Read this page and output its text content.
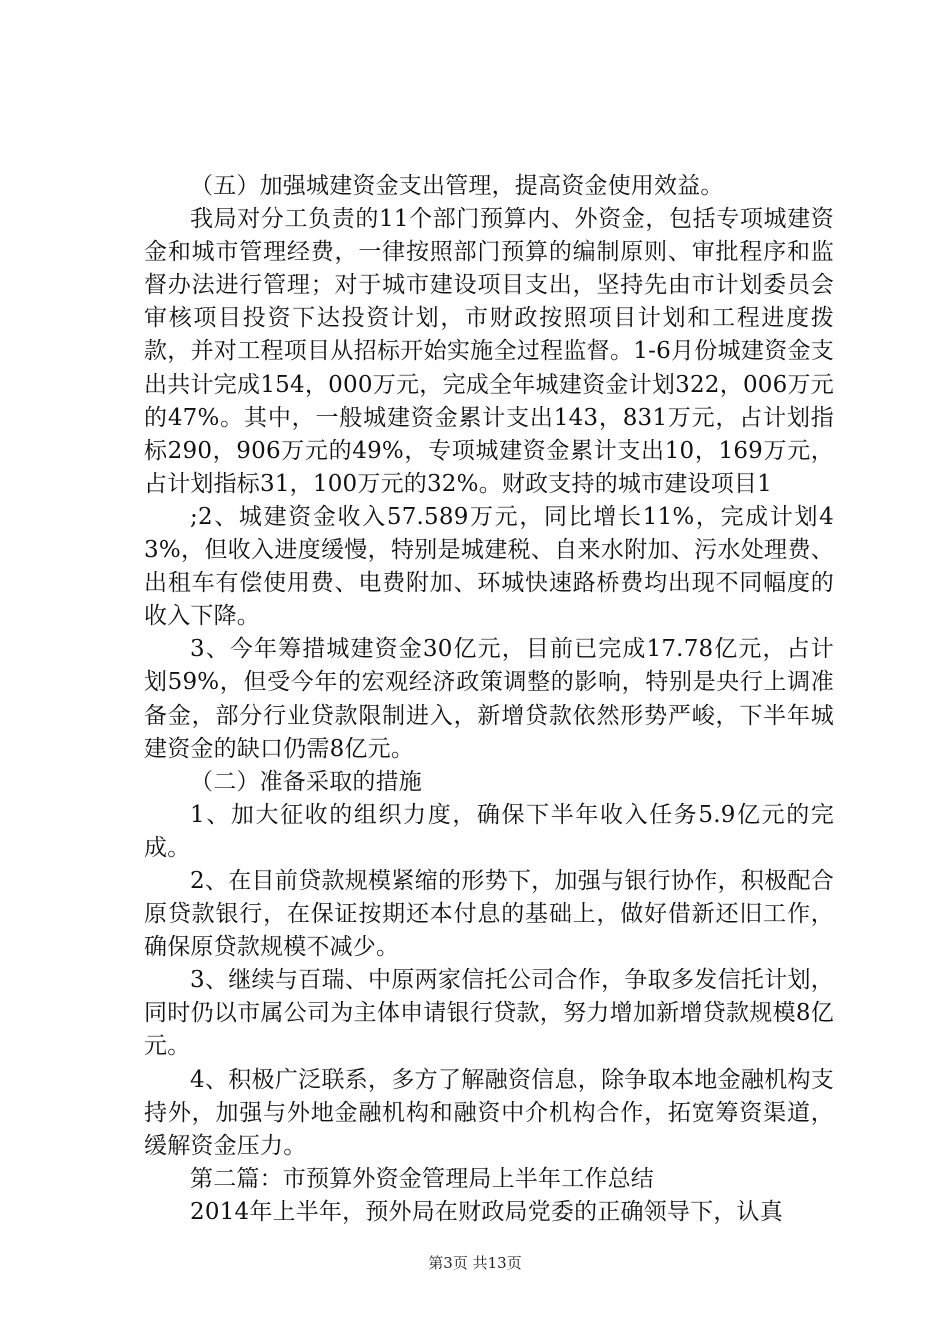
（五）加强城建资金支出管理，提高资金使用效益。

我局对分工负责的11个部门预算内、外资金，包括专项城建资金和城市管理经费，一律按照部门预算的编制原则、审批程序和监督办法进行管理；对于城市建设项目支出，坚持先由市计划委员会审核项目投资下达投资计划，市财政按照项目计划和工程进度拨款，并对工程项目从招标开始实施全过程监督。1-6月份城建资金支出共计完成154，000万元，完成全年城建资金计划322，006万元的47%。其中，一般城建资金累计支出143，831万元，占计划指标290，906万元的49%，专项城建资金累计支出10，169万元，占计划指标31，100万元的32%。财政支持的城市建设项目1

;2、城建资金收入57.589万元，同比增长11%，完成计划43%，但收入进度缓慢，特别是城建税、自来水附加、污水处理费、出租车有偿使用费、电费附加、环城快速路桥费均出现不同幅度的收入下降。

3、今年筹措城建资金30亿元，目前已完成17.78亿元，占计划59%，但受今年的宏观经济政策调整的影响，特别是央行上调准备金，部分行业贷款限制进入，新增贷款依然形势严峻，下半年城建资金的缺口仍需8亿元。

（二）准备采取的措施

1、加大征收的组织力度，确保下半年收入任务5.9亿元的完成。

2、在目前贷款规模紧缩的形势下，加强与银行协作，积极配合原贷款银行，在保证按期还本付息的基础上，做好借新还旧工作，确保原贷款规模不减少。

3、继续与百瑞、中原两家信托公司合作，争取多发信托计划，同时仍以市属公司为主体申请银行贷款，努力增加新增贷款规模8亿元。

4、积极广泛联系，多方了解融资信息，除争取本地金融机构支持外，加强与外地金融机构和融资中介机构合作，拓宽筹资渠道，缓解资金压力。

第二篇：市预算外资金管理局上半年工作总结

2014年上半年，预外局在财政局党委的正确领导下，认真

第3页 共13页
